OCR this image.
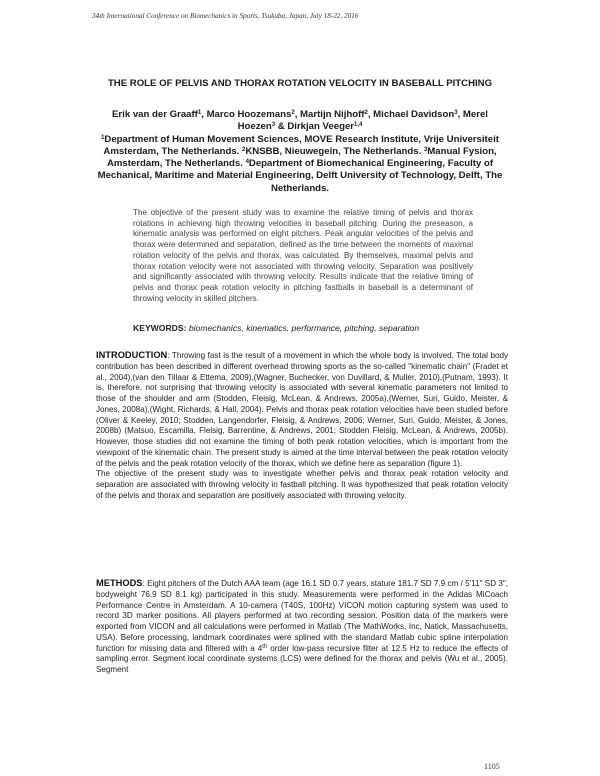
34th International Conference on Biomechanics in Sports, Tsukuba, Japan, July 18-22, 2016
THE ROLE OF PELVIS AND THORAX ROTATION VELOCITY IN BASEBALL PITCHING

Erik van der Graaff$^1$, Marco Hoozemans$^2$, Martijn Nijhoff$^2$, Michael Davidson$^3$, Merel Hoezen$^3$ & Dirkjan Veeger$^{1,4}$

$^1$Department of Human Movement Sciences, MOVE Research Institute, Vrije Universiteit Amsterdam, The Netherlands. $^2$KNSBB, Nieuwegein, The Netherlands. $^3$Manual Fysion, Amsterdam, The Netherlands. $^4$Department of Biomechanical Engineering, Faculty of Mechanical, Maritime and Material Engineering, Delft University of Technology, Delft, The Netherlands.

The objective of the present study was to examine the relative timing of pelvis and thorax rotations in achieving high throwing velocities in baseball pitching. During the preseason, a kinematic analysis was performed on eight pitchers. Peak angular velocities of the pelvis and thorax were determined and separation, defined as the time between the moments of maximal rotation velocity of the pelvis and thorax, was calculated. By themselves, maximal pelvis and thorax rotation velocity were not associated with throwing velocity. Separation was positively and significantly associated with throwing velocity. Results indicate that the relative timing of pelvis and thorax peak rotation velocity in pitching fastballs in baseball is a determinant of throwing velocity in skilled pitchers.
KEYWORDS: biomechanics, kinematics, performance, pitching, separation
INTRODUCTION: Throwing fast is the result of a movement in which the whole body is involved. The total body contribution has been described in different overhead throwing sports as the so-called "kinematic chain" (Fradet et al., 2004),(van den Tillaar & Ettema, 2009),(Wagner, Buchecker, von Duvillard, & Muller, 2010),(Putnam, 1993). It is, therefore, not surprising that throwing velocity is associated with several kinematic parameters not limited to those of the shoulder and arm (Stodden, Fleisig, McLean, & Andrews, 2005a),(Werner, Suri, Guido, Meister, & Jones, 2008a),(Wight, Richards, & Hall, 2004). Pelvis and thorax peak rotation velocities have been studied before (Oliver & Keeley, 2010; Stodden, Langendorfer, Fleisig, & Andrews, 2006; Werner, Suri, Guido, Meister, & Jones, 2008b) (Matsuo, Escamilla, Fleisig, Barrentine, & Andrews, 2001; Stodden Fleisig, McLean, & Andrews, 2005b). However, those studies did not examine the timing of both peak rotation velocities, which is important from the viewpoint of the kinematic chain. The present study is aimed at the time interval between the peak rotation velocity of the pelvis and the peak rotation velocity of the thorax, which we define here as separation (figure 1).
The objective of the present study was to investigate whether pelvis and thorax peak rotation velocity and separation are associated with throwing velocity in fastball pitching. It was hypothesized that peak rotation velocity of the pelvis and thorax and separation are positively associated with throwing velocity.
METHODS: Eight pitchers of the Dutch AAA team (age 16.1 SD 0.7 years, stature 181.7 SD 7.9 cm / 5'11" SD 3", bodyweight 76.9 SD 8.1 kg) participated in this study. Measurements were performed in the Adidas MiCoach Performance Centre in Amsterdam. A 10-camera (T40S, 100Hz) VICON motion capturing system was used to record 3D marker positions. All players performed at two recording session. Position data of the markers were exported from VICON and all calculations were performed in Matlab (The MathWorks, Inc, Natick, Massachusetts, USA). Before processing, landmark coordinates were splined with the standard Matlab cubic spline interpolation function for missing data and filtered with a 4th order low-pass recursive filter at 12.5 Hz to reduce the effects of sampling error. Segment local coordinate systems (LCS) were defined for the thorax and pelvis (Wu et al., 2005). Segment
1105
